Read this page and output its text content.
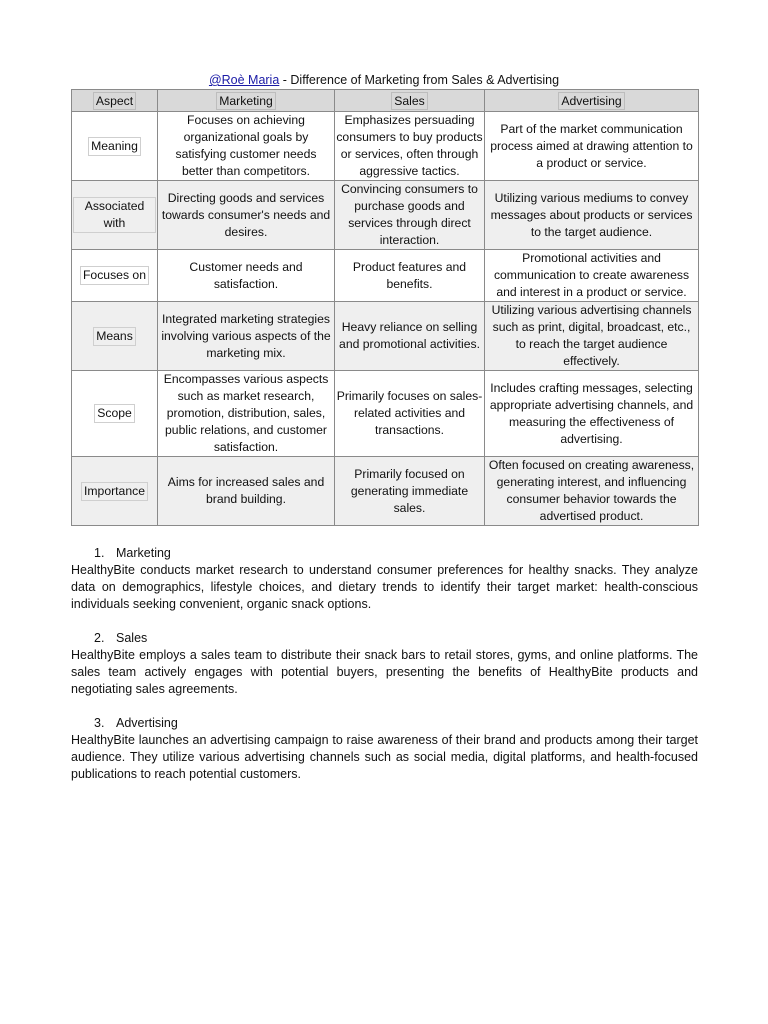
@Roè Maria - Difference of Marketing from Sales & Advertising
Aspect	Marketing	Sales	Advertising
Meaning	Focuses on achieving organizational goals by satisfying customer needs better than competitors.	Emphasizes persuading consumers to buy products or services, often through aggressive tactics.	Part of the market communication process aimed at drawing attention to a product or service.
Associated with	Directing goods and services towards consumer's needs and desires.	Convincing consumers to purchase goods and services through direct interaction.	Utilizing various mediums to convey messages about products or services to the target audience.
Focuses on	Customer needs and satisfaction.	Product features and benefits.	Promotional activities and communication to create awareness and interest in a product or service.
Means	Integrated marketing strategies involving various aspects of the marketing mix.	Heavy reliance on selling and promotional activities.	Utilizing various advertising channels such as print, digital, broadcast, etc., to reach the target audience effectively.
Scope	Encompasses various aspects such as market research, promotion, distribution, sales, public relations, and customer satisfaction.	Primarily focuses on sales-related activities and transactions.	Includes crafting messages, selecting appropriate advertising channels, and measuring the effectiveness of advertising.
Importance	Aims for increased sales and brand building.	Primarily focused on generating immediate sales.	Often focused on creating awareness, generating interest, and influencing consumer behavior towards the advertised product.
1. Marketing
HealthyBite conducts market research to understand consumer preferences for healthy snacks. They analyze data on demographics, lifestyle choices, and dietary trends to identify their target market: health-conscious individuals seeking convenient, organic snack options.
2. Sales
HealthyBite employs a sales team to distribute their snack bars to retail stores, gyms, and online platforms. The sales team actively engages with potential buyers, presenting the benefits of HealthyBite products and negotiating sales agreements.
3. Advertising
HealthyBite launches an advertising campaign to raise awareness of their brand and products among their target audience. They utilize various advertising channels such as social media, digital platforms, and health-focused publications to reach potential customers.
